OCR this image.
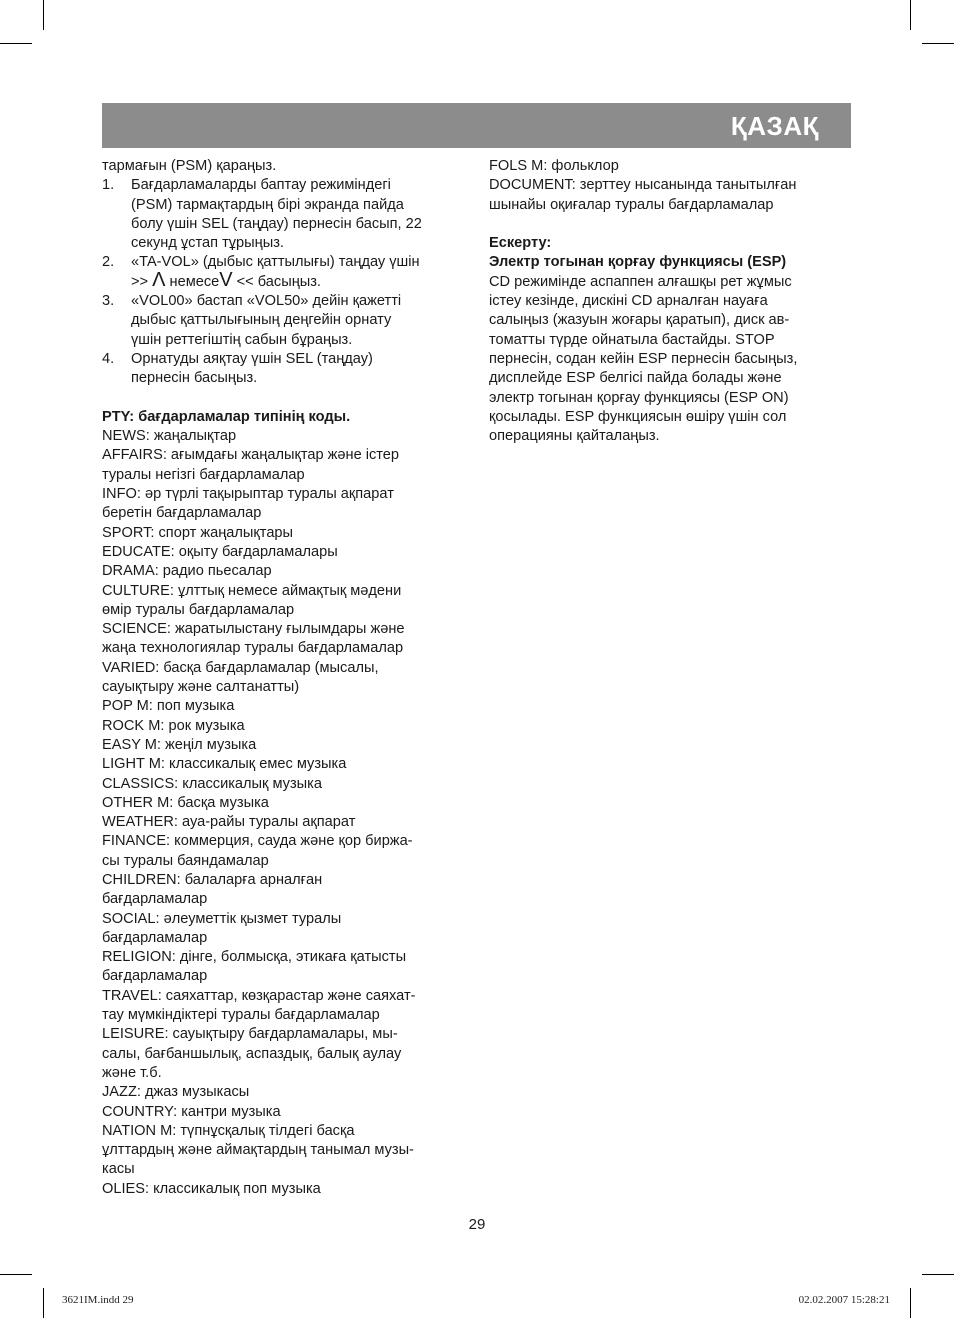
ҚАЗАҚ

тармағын (PSM) қараңыз.

1.	Бағдарламаларды баптау режиміндегі

(PSM) тармақтардың бірі экранда пайда

болу үшін SEL (таңдау) пернесін басып, 22

секунд ұстап тұрыңыз.

2.	«TA-VOL» (дыбыс қаттылығы) таңдау үшін

>> Λ немесеV << басыңыз.

3.	«VOL00» бастап «VOL50» дейін қажетті

дыбыс қаттылығының деңгейін орнату

үшін реттегіштің сабын бұраңыз.

4.	Орнатуды аяқтау үшін SEL (таңдау)

пернесін басыңыз.

PTY: бағдарламалар типінің коды.

NEWS: жаңалықтар

AFFAIRS: ағымдағы жаңалықтар және істер

туралы негізгі бағдарламалар

INFO: әр түрлі тақырыптар туралы ақпарат

беретін бағдарламалар

SPORT: спорт жаңалықтары

EDUCATE: оқыту бағдарламалары

DRAMA: радио пьесалар

CULTURE: ұлттық немесе аймақтық мәдени

өмір туралы бағдарламалар

SCIENCE: жаратылыстану ғылымдары және

жаңа технологиялар туралы бағдарламалар

VARIED: басқа бағдарламалар (мысалы,

сауықтыру және салтанатты)

POP M: поп музыка

ROCK M: рок музыка

EASY M: жеңіл музыка

LIGHT M: классикалық емес музыка

CLASSICS: классикалық музыка

OTHER M: басқа музыка

WEATHER: ауа-райы туралы ақпарат

FINANCE: коммерция, сауда және қор биржа-

сы туралы баяндамалар

CHILDREN: балаларға арналған

бағдарламалар

SOCIAL: әлеуметтік қызмет туралы

бағдарламалар

RELIGION: дінге, болмысқа, этикаға қатысты

бағдарламалар

TRAVEL: саяхаттар, көзқарастар және саяхат-

тау мүмкіндіктері туралы бағдарламалар

LEISURE: сауықтыру бағдарламалары, мы-

салы, бағбаншылық, аспаздық, балық аулау

және т.б.

JAZZ: джаз музыкасы

COUNTRY: кантри музыка

NATION M: түпнұсқалық тілдегі басқа

ұлттардың және аймақтардың танымал музы-

касы

OLIES: классикалық поп музыка

FOLS M: фольклор

DOCUMENT: зерттеу нысанында танытылған

шынайы оқиғалар туралы бағдарламалар

Ескерту:

Электр тогынан қорғау функциясы (ESP)

CD режимінде аспаппен алғашқы рет жұмыс

істеу кезінде, дискіні CD арналған науаға

салыңыз (жазуын жоғары қаратып), диск ав-

томатты түрде ойнатыла бастайды. STOP

пернесін, содан кейін ESP пернесін басыңыз,

дисплейде ESP белгісі пайда болады және

электр тогынан қорғау функциясы (ESP ON)

қосылады. ESP функциясын өшіру үшін сол

операцияны қайталаңыз.

29
3621IM.indd 29	02.02.2007 15:28:21
